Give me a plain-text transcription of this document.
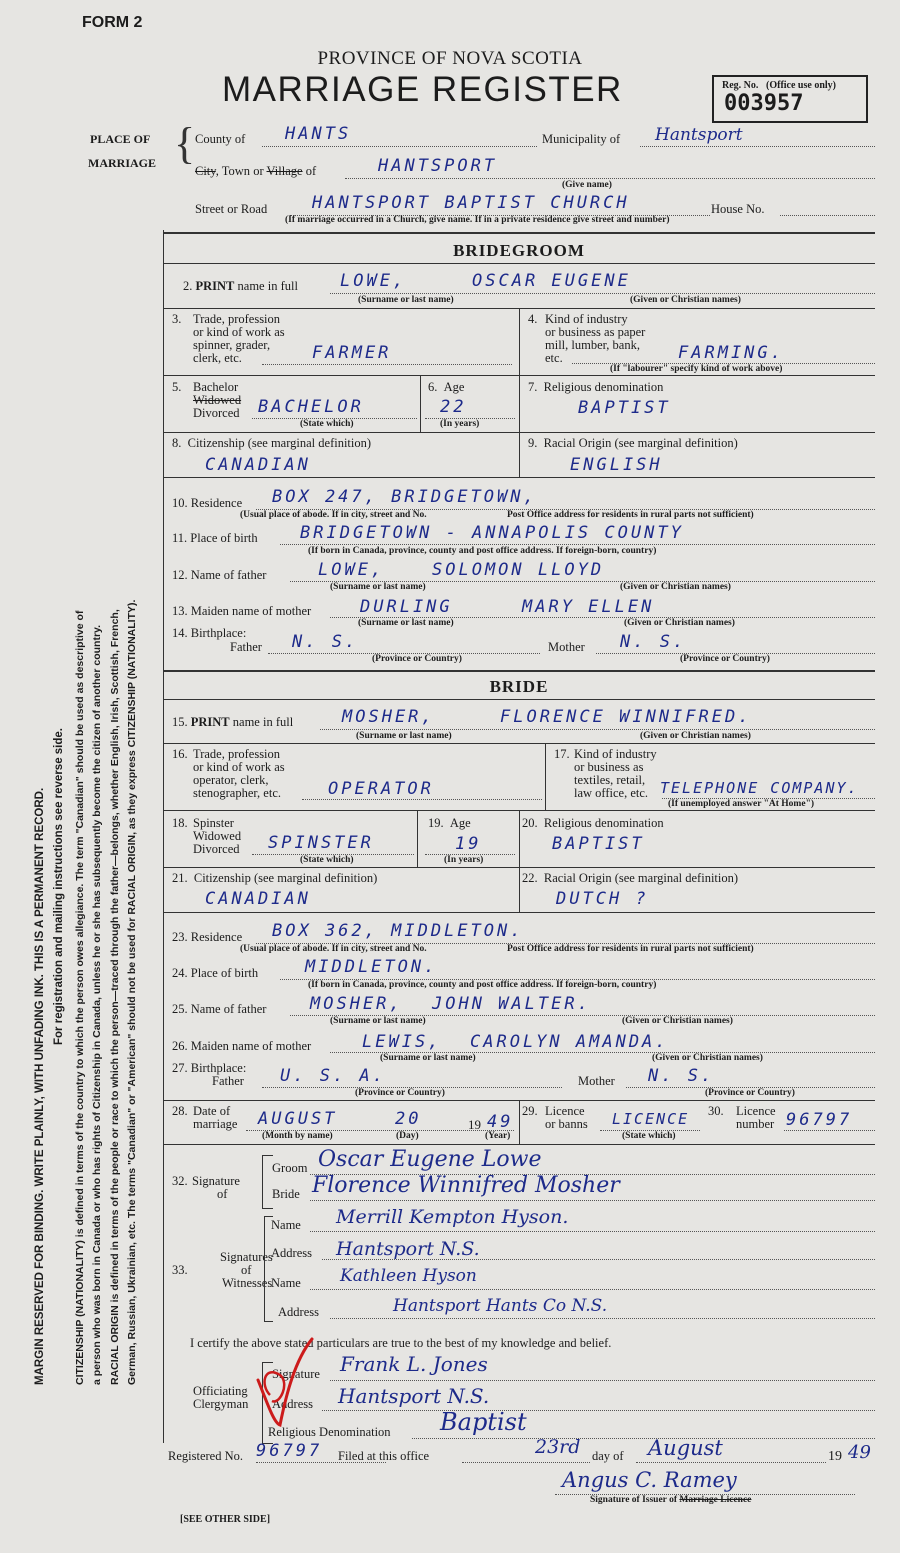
FORM 2
PROVINCE OF NOVA SCOTIA
MARRIAGE REGISTER	Reg. No. (Office use only)
003957
MARGIN RESERVED FOR BINDING. WRITE PLAINLY, WITH UNFADING INK. THIS IS A PERMANENT RECORD. For registration and mailing instructions see reverse side. CITIZENSHIP (NATIONALITY) is defined in terms of the country to which the person owes allegiance. The term "Canadian" should be used as descriptive of a person who was born in Canada or who has rights of Citizenship in Canada, unless he or she has subsequently become the citizen of another country. RACIAL ORIGIN is defined in terms of the people or race to which the person—traced through the father—belongs, whether English, Irish, Scottish, French, German, Russian, Ukrainian, etc. The terms "Canadian" or "American" should not be used for RACIAL ORIGIN, as they express CITIZENSHIP (NATIONALITY).
PLACE OF
MARRIAGE { County of HANTS	Municipality of Hantsport
City, Town or Village of	HANTSPORT
(Give name)
Street or Road	HANTSPORT BAPTIST CHURCH	House No.
(If marriage occurred in a Church, give name. If in a private residence give street and number)
BRIDEGROOM
2. PRINT name in full LOWE,	OSCAR EUGENE
(Surname or last name)	(Given or Christian names)
3. Trade, profession
or kind of work as
spinner, grader,
clerk, etc.	FARMER
4. Kind of industry
or business as paper
mill, lumber, bank,
etc.	FARMING.
(If "labourer" specify kind of work above)
5. Bachelor
Widowed
Divorced BACHELOR
(State which)
6. Age
22
(In years)
7. Religious denomination
BAPTIST
8. Citizenship (see marginal definition)
CANADIAN
9. Racial Origin (see marginal definition)
ENGLISH
10. Residence BOX 247, BRIDGETOWN,
(Usual place of abode. If in city, street and No.	Post Office address for residents in rural parts not sufficient)
11. Place of birth BRIDGETOWN - ANNAPOLIS COUNTY
(If born in Canada, province, county and post office address. If foreign-born, country)
12. Name of father	LOWE,	SOLOMON LLOYD
(Surname or last name)	(Given or Christian names)
13. Maiden name of mother	DURLING	MARY ELLEN
(Surname or last name)	(Given or Christian names)
14. Birthplace:
Father N. S.
(Province or Country)
Mother N. S.
(Province or Country)
BRIDE
15. PRINT name in full	MOSHER,	FLORENCE WINNIFRED.
(Surname or last name)	(Given or Christian names)
16. Trade, profession
or kind of work as
operator, clerk,
stenographer, etc.	OPERATOR
17. Kind of industry
or business as
textiles, retail,
law office, etc. TELEPHONE COMPANY.
(If unemployed answer "At Home")
18. Spinster
Widowed
Divorced SPINSTER
(State which)
19. Age
19
(In years)
20. Religious denomination
BAPTIST
21. Citizenship (see marginal definition)
CANADIAN
22. Racial Origin (see marginal definition)
DUTCH ?
23. Residence BOX 362, MIDDLETON.
(Usual place of abode. If in city, street and No.	Post Office address for residents in rural parts not sufficient)
24. Place of birth	MIDDLETON.
(If born in Canada, province, county and post office address. If foreign-born, country)
25. Name of father	MOSHER, JOHN WALTER.
(Surname or last name)	(Given or Christian names)
26. Maiden name of mother	LEWIS, CAROLYN AMANDA.
(Surname or last name)	(Given or Christian names)
27. Birthplace:
Father U. S. A.
(Province or Country)
Mother N. S.
(Province or Country)
28. Date of
marriage AUGUST	20	19 49
(Month by name)	(Day)	(Year)
29. Licence
or banns LICENCE
(State which)
30. Licence
number 96797
32. Signature
of
Groom Oscar Eugene Lowe
Bride Florence Winnifred Mosher
Signatures
33.	of
Witnesses
Name Merrill Kempton Hyson.
Address Hantsport N.S.
Name Kathleen Hyson
Address	Hantsport Hants Co N.S.
I certify the above stated particulars are true to the best of my knowledge and belief.
Officiating
Clergyman
Signature Frank L. Jones
Address Hantsport N.S.
Religious Denomination Baptist
Registered No. 96797 Filed at this office	23rd day of August	19 49
Angus C. Ramey
Signature of Issuer of Marriage Licence
[SEE OTHER SIDE]
